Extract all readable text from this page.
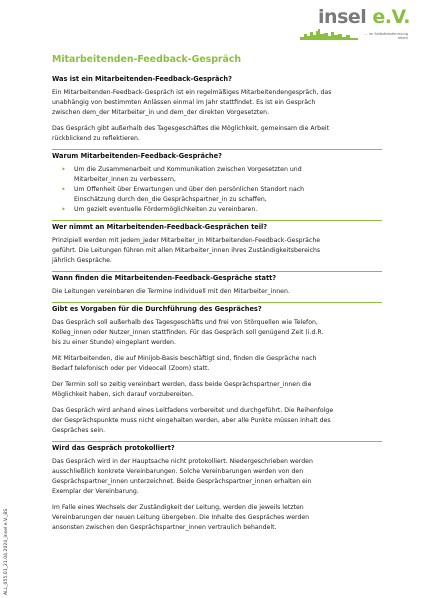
insel e.V.
... im Selbstbestimmung leben
Mitarbeitenden-Feedback-Gespräch
Was ist ein Mitarbeitenden-Feedback-Gespräch?
Ein Mitarbeitenden-Feedback-Gespräch ist ein regelmäßiges Mitarbeitendengespräch, das
unabhängig von bestimmten Anlässen einmal im Jahr stattfindet. Es ist ein Gespräch
zwischen dem_der Mitarbeiter_in und dem_der direkten Vorgesetzten.
Das Gespräch gibt außerhalb des Tagesgeschäftes die Möglichkeit, gemeinsam die Arbeit
rückblickend zu reflektieren.
Warum Mitarbeitenden-Feedback-Gespräche?
• Um die Zusammenarbeit und Kommunikation zwischen Vorgesetzten und
Mitarbeiter_innen zu verbessern,
• Um Offenheit über Erwartungen und über den persönlichen Standort nach
Einschätzung durch den_die Gesprächspartner_in zu schaffen,
• Um gezielt eventuelle Fördermöglichkeiten zu vereinbaren.
Wer nimmt an Mitarbeitenden-Feedback-Gesprächen teil?
Prinzipiell werden mit jedem_jeder Mitarbeiter_in Mitarbeitenden-Feedback-Gespräche
geführt. Die Leitungen führen mit allen Mitarbeiter_innen ihres Zuständigkeitsbereichs
jährlich Gespräche.
Wann finden die Mitarbeitenden-Feedback-Gespräche statt?
Die Leitungen vereinbaren die Termine individuell mit den Mitarbeiter_innen.
Gibt es Vorgaben für die Durchführung des Gespräches?
Das Gespräch soll außerhalb des Tagesgeschäfts und frei von Störquellen wie Telefon,
Kolleg_innen oder Nutzer_innen stattfinden. Für das Gespräch soll genügend Zeit (i.d.R.
bis zu einer Stunde) eingeplant werden.
Mit Mitarbeitenden, die auf Minijob-Basis beschäftigt sind, finden die Gespräche nach
Bedarf telefonisch oder per Videocall (Zoom) statt.
Der Termin soll so zeitig vereinbart werden, dass beide Gesprächspartner_innen die
Möglichkeit haben, sich darauf vorzubereiten.
Das Gespräch wird anhand eines Leitfadens vorbereitet und durchgeführt. Die Reihenfolge
der Gesprächspunkte muss nicht eingehalten werden, aber alle Punkte müssen inhalt des
Gespräches sein.
Wird das Gespräch protokolliert?
Das Gespräch wird in der Hauptsache nicht protokolliert. Niedergeschrieben werden
ausschließlich konkrete Vereinbarungen. Solche Vereinbarungen werden von den
Gesprächspartner_innen unterzeichnet. Beide Gesprächspartner_innen erhalten ein
Exemplar der Vereinbarung.
Im Falle eines Wechsels der Zuständigkeit der Leitung, werden die jeweils letzten
Vereinbarungen der neuen Leitung übergeben. Die Inhalte des Gespräches werden
ansonsten zwischen den Gesprächspartner_innen vertraulich behandelt.
ALL_055.01_21.04.2024_insel e.V._BS
